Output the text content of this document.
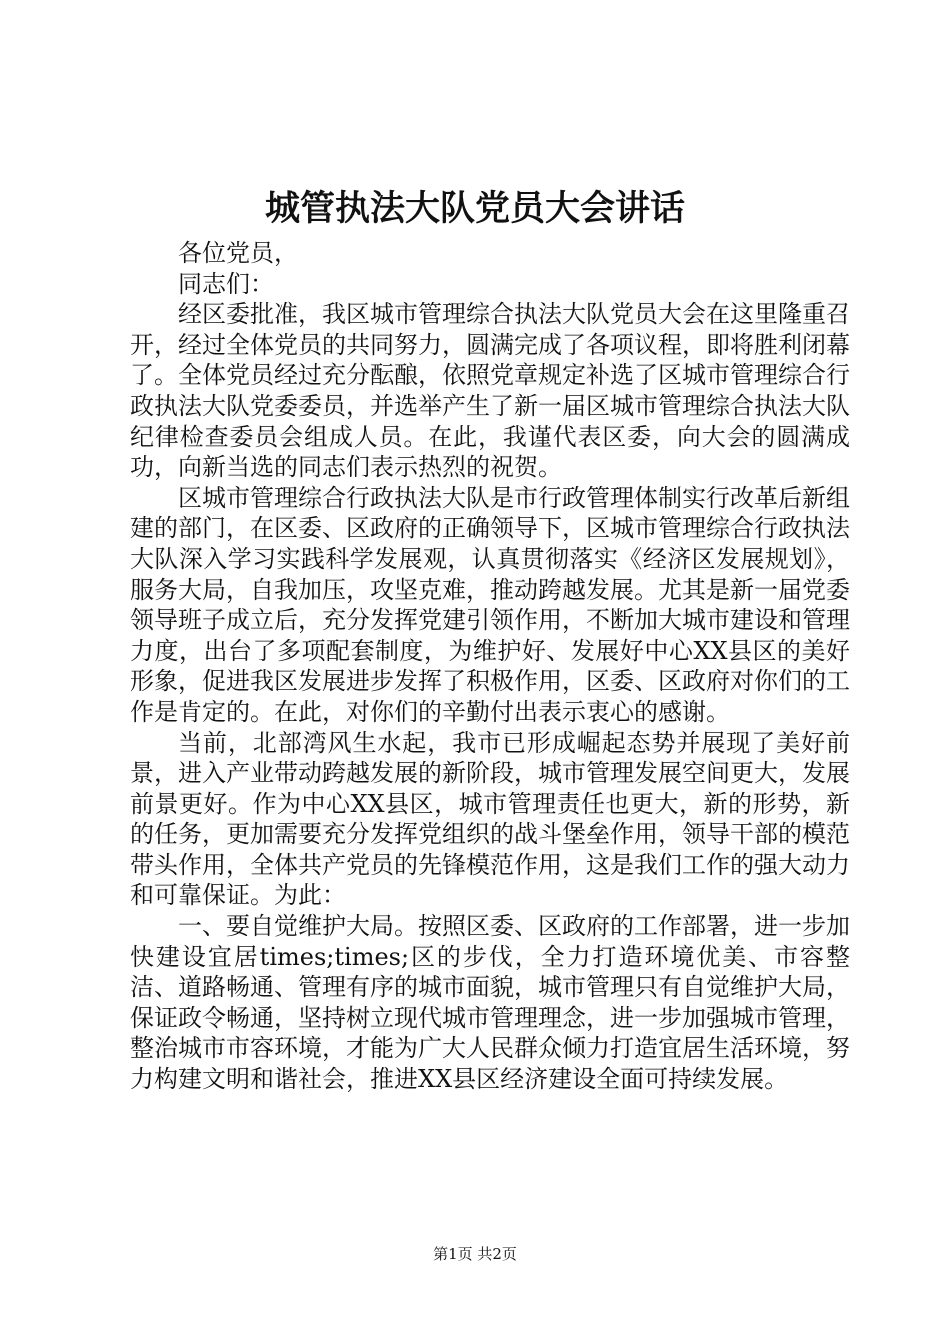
城管执法大队党员大会讲话

各位党员，

同志们：

经区委批准，我区城市管理综合执法大队党员大会在这里隆重召开，经过全体党员的共同努力，圆满完成了各项议程，即将胜利闭幕了。全体党员经过充分酝酿，依照党章规定补选了区城市管理综合行政执法大队党委委员，并选举产生了新一届区城市管理综合执法大队纪律检查委员会组成人员。在此，我谨代表区委，向大会的圆满成功，向新当选的同志们表示热烈的祝贺。

区城市管理综合行政执法大队是市行政管理体制实行改革后新组建的部门，在区委、区政府的正确领导下，区城市管理综合行政执法大队深入学习实践科学发展观，认真贯彻落实《经济区发展规划》，服务大局，自我加压，攻坚克难，推动跨越发展。尤其是新一届党委领导班子成立后，充分发挥党建引领作用，不断加大城市建设和管理力度，出台了多项配套制度，为维护好、发展好中心XX县区的美好形象，促进我区发展进步发挥了积极作用，区委、区政府对你们的工作是肯定的。在此，对你们的辛勤付出表示衷心的感谢。

当前，北部湾风生水起，我市已形成崛起态势并展现了美好前景，进入产业带动跨越发展的新阶段，城市管理发展空间更大，发展前景更好。作为中心XX县区，城市管理责任也更大，新的形势，新的任务，更加需要充分发挥党组织的战斗堡垒作用，领导干部的模范带头作用，全体共产党员的先锋模范作用，这是我们工作的强大动力和可靠保证。为此：

一、要自觉维护大局。按照区委、区政府的工作部署，进一步加快建设宜居times;times;区的步伐，全力打造环境优美、市容整洁、道路畅通、管理有序的城市面貌，城市管理只有自觉维护大局，保证政令畅通，坚持树立现代城市管理理念，进一步加强城市管理，整治城市市容环境，才能为广大人民群众倾力打造宜居生活环境，努力构建文明和谐社会，推进XX县区经济建设全面可持续发展。

第1页 共2页
